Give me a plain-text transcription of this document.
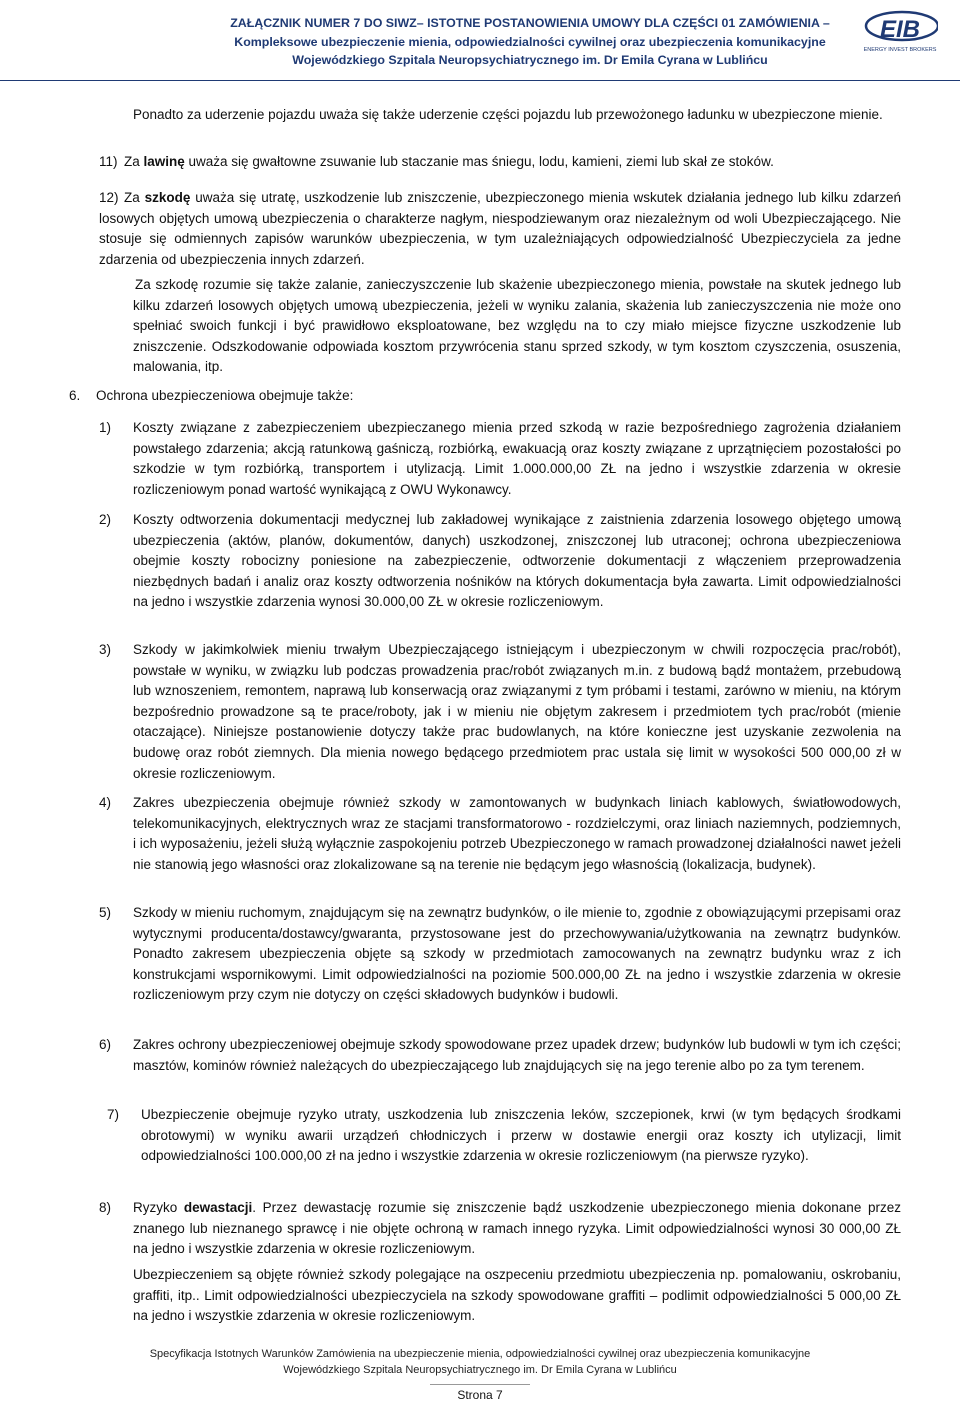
ZAŁĄCZNIK NUMER 7 DO SIWZ– ISTOTNE POSTANOWIENIA UMOWY DLA CZĘŚCI 01 ZAMÓWIENIA –
Kompleksowe ubezpieczenie mienia, odpowiedzialności cywilnej oraz ubezpieczenia komunikacyjne
Wojewódzkiego Szpitala Neuropsychiatrycznego im. Dr Emila Cyrana w Lublińcu
EIB
ENERGY INVEST BROKERS

Ponadto za uderzenie pojazdu uważa się także uderzenie części pojazdu lub przewożonego ładunku w ubezpieczone mienie.

11) Za lawinę uważa się gwałtowne zsuwanie lub staczanie mas śniegu, lodu, kamieni, ziemi lub skał ze stoków.

12) Za szkodę uważa się utratę, uszkodzenie lub zniszczenie, ubezpieczonego mienia wskutek działania jednego lub kilku zdarzeń losowych objętych umową ubezpieczenia o charakterze nagłym, niespodziewanym oraz niezależnym od woli Ubezpieczającego. Nie stosuje się odmiennych zapisów warunków ubezpieczenia, w tym uzależniających odpowiedzialność Ubezpieczyciela za jedne zdarzenia od ubezpieczenia innych zdarzeń.

Za szkodę rozumie się także zalanie, zanieczyszczenie lub skażenie ubezpieczonego mienia, powstałe na skutek jednego lub kilku zdarzeń losowych objętych umową ubezpieczenia, jeżeli w wyniku zalania, skażenia lub zanieczyszczenia nie może ono spełniać swoich funkcji i być prawidłowo eksploatowane, bez względu na to czy miało miejsce fizyczne uszkodzenie lub zniszczenie. Odszkodowanie odpowiada kosztom przywrócenia stanu sprzed szkody, w tym kosztom czyszczenia, osuszenia, malowania, itp.

6. Ochrona ubezpieczeniowa obejmuje także:

1) Koszty związane z zabezpieczeniem ubezpieczanego mienia przed szkodą w razie bezpośredniego zagrożenia działaniem powstałego zdarzenia; akcją ratunkową gaśniczą, rozbiórką, ewakuacją oraz koszty związane z uprzątnięciem pozostałości po szkodzie w tym rozbiórką, transportem i utylizacją. Limit 1.000.000,00 ZŁ na jedno i wszystkie zdarzenia w okresie rozliczeniowym ponad wartość wynikającą z OWU Wykonawcy.

2) Koszty odtworzenia dokumentacji medycznej lub zakładowej wynikające z zaistnienia zdarzenia losowego objętego umową ubezpieczenia (aktów, planów, dokumentów, danych) uszkodzonej, zniszczonej lub utraconej; ochrona ubezpieczeniowa obejmie koszty robocizny poniesione na zabezpieczenie, odtworzenie dokumentacji z włączeniem przeprowadzenia niezbędnych badań i analiz oraz koszty odtworzenia nośników na których dokumentacja była zawarta. Limit odpowiedzialności na jedno i wszystkie zdarzenia wynosi 30.000,00 ZŁ w okresie rozliczeniowym.

3) Szkody w jakimkolwiek mieniu trwałym Ubezpieczającego istniejącym i ubezpieczonym w chwili rozpoczęcia prac/robót), powstałe w wyniku, w związku lub podczas prowadzenia prac/robót związanych m.in. z budową bądź montażem, przebudową lub wznoszeniem, remontem, naprawą lub konserwacją oraz związanymi z tym próbami i testami, zarówno w mieniu, na którym bezpośrednio prowadzone są te prace/roboty, jak i w mieniu nie objętym zakresem i przedmiotem tych prac/robót (mienie otaczające). Niniejsze postanowienie dotyczy także prac budowlanych, na które konieczne jest uzyskanie zezwolenia na budowę oraz robót ziemnych. Dla mienia nowego będącego przedmiotem prac ustala się limit w wysokości 500 000,00 zł w okresie rozliczeniowym.

4) Zakres ubezpieczenia obejmuje również szkody w zamontowanych w budynkach liniach kablowych, światłowodowych, telekomunikacyjnych, elektrycznych wraz ze stacjami transformatorowo - rozdzielczymi, oraz liniach naziemnych, podziemnych, i ich wyposażeniu, jeżeli służą wyłącznie zaspokojeniu potrzeb Ubezpieczonego w ramach prowadzonej działalności nawet jeżeli nie stanowią jego własności oraz zlokalizowane są na terenie nie będącym jego własnością (lokalizacja, budynek).

5) Szkody w mieniu ruchomym, znajdującym się na zewnątrz budynków, o ile mienie to, zgodnie z obowiązującymi przepisami oraz wytycznymi producenta/dostawcy/gwaranta, przystosowane jest do przechowywania/użytkowania na zewnątrz budynków. Ponadto zakresem ubezpieczenia objęte są szkody w przedmiotach zamocowanych na zewnątrz budynku wraz z ich konstrukcjami wspornikowymi. Limit odpowiedzialności na poziomie 500.000,00 ZŁ na jedno i wszystkie zdarzenia w okresie rozliczeniowym przy czym nie dotyczy on części składowych budynków i budowli.

6) Zakres ochrony ubezpieczeniowej obejmuje szkody spowodowane przez upadek drzew; budynków lub budowli w tym ich części; masztów, kominów również należących do ubezpieczającego lub znajdujących się na jego terenie albo po za tym terenem.

7) Ubezpieczenie obejmuje ryzyko utraty, uszkodzenia lub zniszczenia leków, szczepionek, krwi (w tym będących środkami obrotowymi) w wyniku awarii urządzeń chłodniczych i przerw w dostawie energii oraz koszty ich utylizacji, limit odpowiedzialności 100.000,00 zł na jedno i wszystkie zdarzenia w okresie rozliczeniowym (na pierwsze ryzyko).

8) Ryzyko dewastacji. Przez dewastację rozumie się zniszczenie bądź uszkodzenie ubezpieczonego mienia dokonane przez znanego lub nieznanego sprawcę i nie objęte ochroną w ramach innego ryzyka. Limit odpowiedzialności wynosi 30 000,00 ZŁ na jedno i wszystkie zdarzenia w okresie rozliczeniowym.

Ubezpieczeniem są objęte również szkody polegające na oszpeceniu przedmiotu ubezpieczenia np. pomalowaniu, oskrobaniu, graffiti, itp.. Limit odpowiedzialności ubezpieczyciela na szkody spowodowane graffiti – podlimit odpowiedzialności 5 000,00 ZŁ na jedno i wszystkie zdarzenia w okresie rozliczeniowym.

Specyfikacja Istotnych Warunków Zamówienia na ubezpieczenie mienia, odpowiedzialności cywilnej oraz ubezpieczenia komunikacyjne
Wojewódzkiego Szpitala Neuropsychiatrycznego im. Dr Emila Cyrana w Lublińcu
Strona 7
